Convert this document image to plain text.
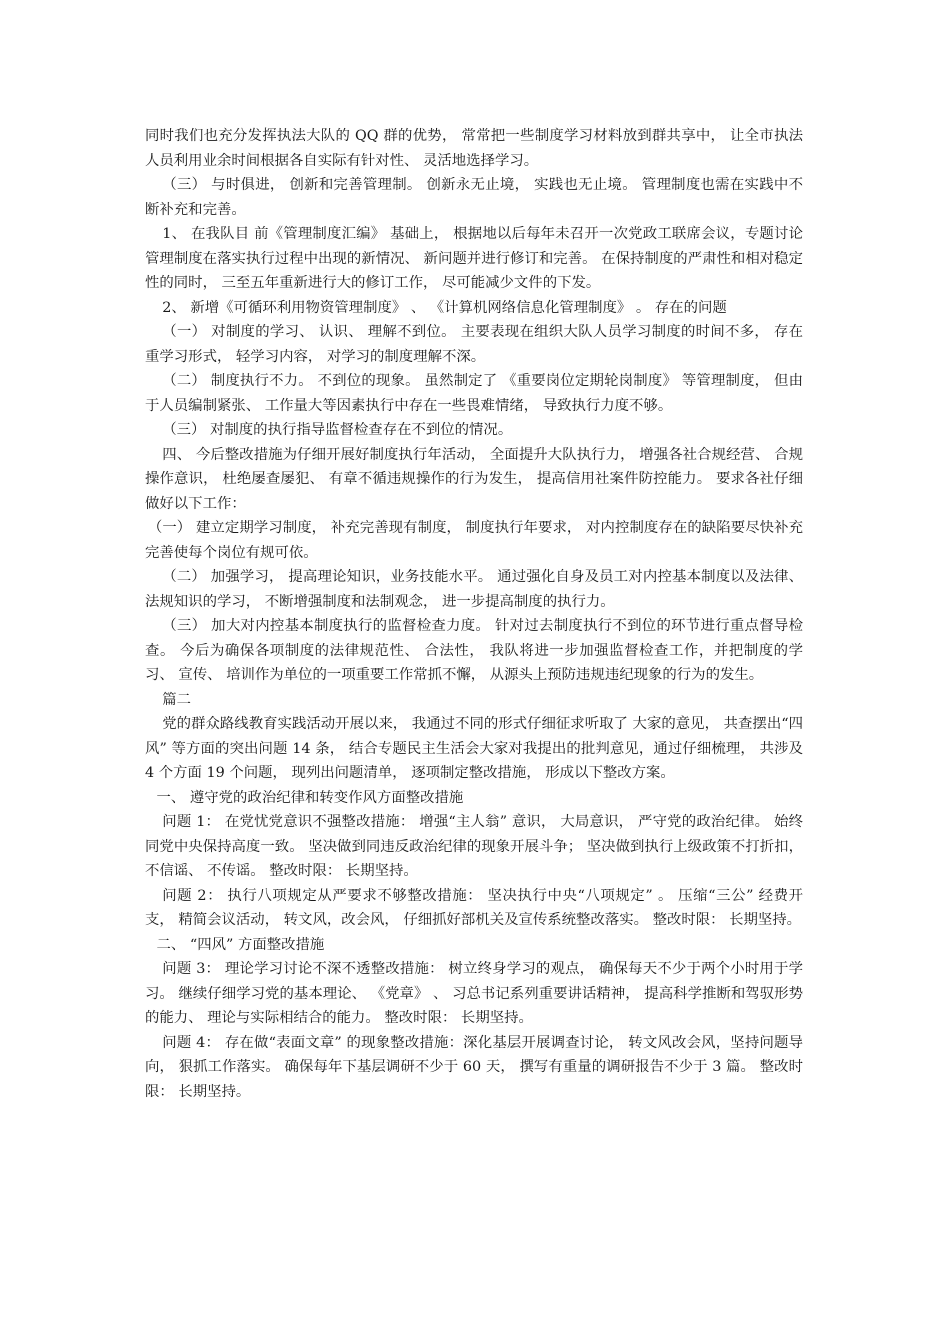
同时我们也充分发挥执法大队的 QQ 群的优势， 常常把一些制度学习材料放到群共享中， 让全市执法人员利用业余时间根据各自实际有针对性、 灵活地选择学习。

（三） 与时俱进， 创新和完善管理制。 创新永无止境， 实践也无止境。 管理制度也需在实践中不断补充和完善。

1、 在我队目 前《管理制度汇编》 基础上， 根据地以后每年未召开一次党政工联席会议，专题讨论管理制度在落实执行过程中出现的新情况、 新问题并进行修订和完善。 在保持制度的严肃性和相对稳定性的同时， 三至五年重新进行大的修订工作， 尽可能减少文件的下发。

2、 新增《可循环利用物资管理制度》 、 《计算机网络信息化管理制度》 。 存在的问题

（一） 对制度的学习、 认识、 理解不到位。 主要表现在组织大队人员学习制度的时间不多， 存在重学习形式， 轻学习内容， 对学习的制度理解不深。

（二） 制度执行不力。 不到位的现象。 虽然制定了 《重要岗位定期轮岗制度》 等管理制度， 但由于人员编制紧张、 工作量大等因素执行中存在一些畏难情绪， 导致执行力度不够。

（三） 对制度的执行指导监督检查存在不到位的情况。

四、 今后整改措施为仔细开展好制度执行年活动， 全面提升大队执行力， 增强各社合规经营、 合规操作意识， 杜绝屡查屡犯、 有章不循违规操作的行为发生， 提高信用社案件防控能力。 要求各社仔细做好以下工作：

（一） 建立定期学习制度， 补充完善现有制度， 制度执行年要求， 对内控制度存在的缺陷要尽快补充完善使每个岗位有规可依。

（二） 加强学习， 提高理论知识，业务技能水平。 通过强化自身及员工对内控基本制度以及法律、 法规知识的学习， 不断增强制度和法制观念， 进一步提高制度的执行力。

（三） 加大对内控基本制度执行的监督检查力度。 针对过去制度执行不到位的环节进行重点督导检查。 今后为确保各项制度的法律规范性、 合法性， 我队将进一步加强监督检查工作，并把制度的学习、 宣传、 培训作为单位的一项重要工作常抓不懈， 从源头上预防违规违纪现象的行为的发生。

篇二

党的群众路线教育实践活动开展以来， 我通过不同的形式仔细征求听取了 大家的意见， 共查摆出“四风” 等方面的突出问题 14 条， 结合专题民主生活会大家对我提出的批判意见，通过仔细梳理， 共涉及 4 个方面 19 个问题， 现列出问题清单， 逐项制定整改措施， 形成以下整改方案。

一、 遵守党的政治纪律和转变作风方面整改措施

问题 1： 在党忧党意识不强整改措施： 增强“主人翁” 意识， 大局意识， 严守党的政治纪律。 始终同党中央保持高度一致。 坚决做到同违反政治纪律的现象开展斗争； 坚决做到执行上级政策不打折扣，不信谣、 不传谣。 整改时限： 长期坚持。

问题 2： 执行八项规定从严要求不够整改措施： 坚决执行中央“八项规定” 。 压缩“三公” 经费开支， 精简会议活动， 转文风，改会风， 仔细抓好部机关及宣传系统整改落实。 整改时限： 长期坚持。

二、 “四风” 方面整改措施

问题 3： 理论学习讨论不深不透整改措施： 树立终身学习的观点， 确保每天不少于两个小时用于学习。 继续仔细学习党的基本理论、 《党章》 、 习总书记系列重要讲话精神， 提高科学推断和驾驭形势的能力、 理论与实际相结合的能力。 整改时限： 长期坚持。

问题 4： 存在做“表面文章” 的现象整改措施：深化基层开展调查讨论， 转文风改会风，坚持问题导向， 狠抓工作落实。 确保每年下基层调研不少于 60 天， 撰写有重量的调研报告不少于 3 篇。 整改时限： 长期坚持。
